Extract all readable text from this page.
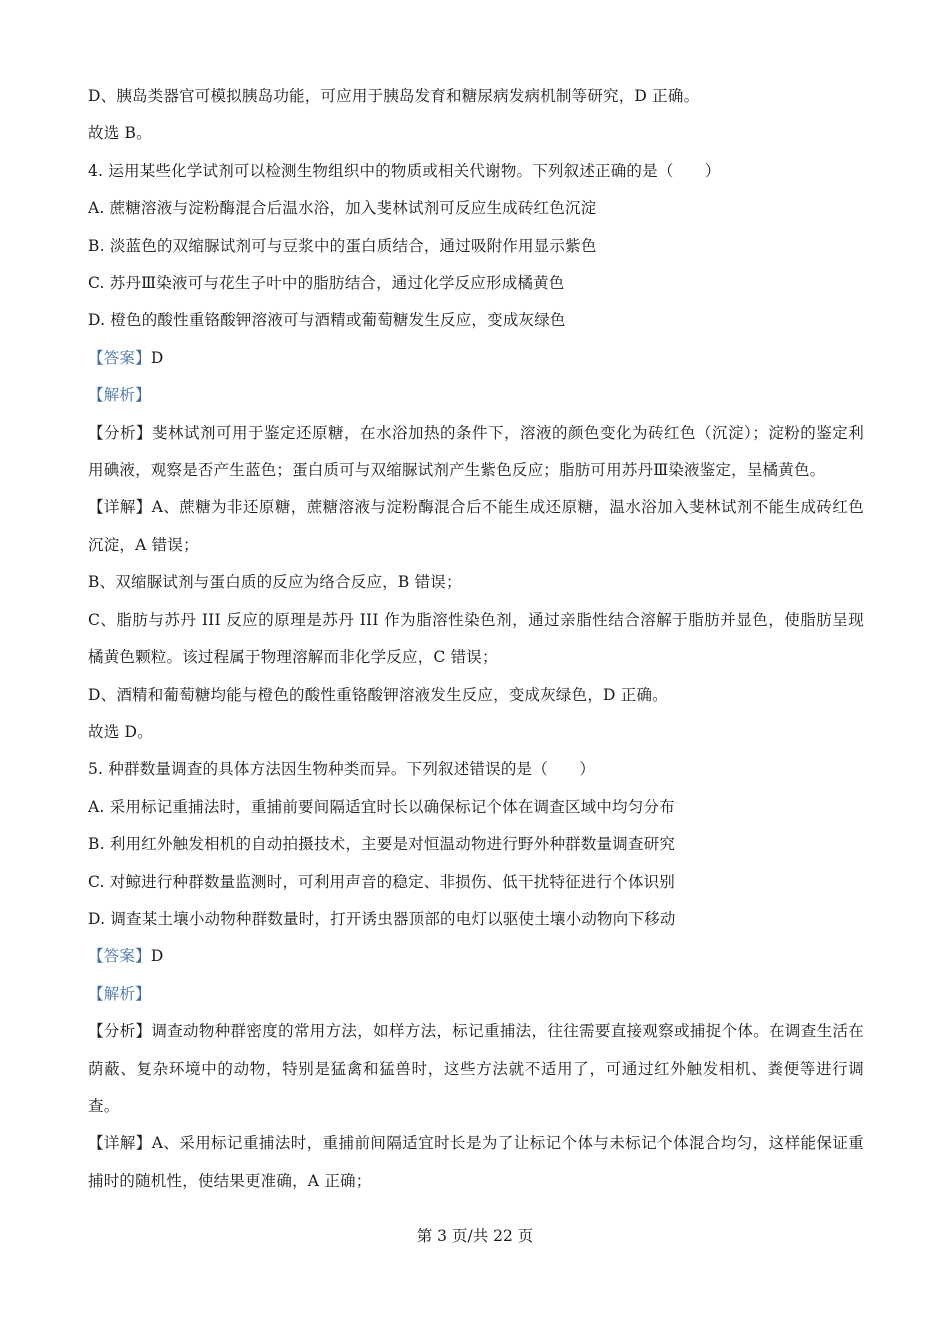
D、胰岛类器官可模拟胰岛功能，可应用于胰岛发育和糖尿病发病机制等研究，D 正确。
故选 B。
4. 运用某些化学试剂可以检测生物组织中的物质或相关代谢物。下列叙述正确的是（　　）
A. 蔗糖溶液与淀粉酶混合后温水浴，加入斐林试剂可反应生成砖红色沉淀
B. 淡蓝色的双缩脲试剂可与豆浆中的蛋白质结合，通过吸附作用显示紫色
C. 苏丹Ⅲ染液可与花生子叶中的脂肪结合，通过化学反应形成橘黄色
D. 橙色的酸性重铬酸钾溶液可与酒精或葡萄糖发生反应，变成灰绿色
【答案】D
【解析】
【分析】斐林试剂可用于鉴定还原糖，在水浴加热的条件下，溶液的颜色变化为砖红色（沉淀）；淀粉的鉴定利用碘液，观察是否产生蓝色；蛋白质可与双缩脲试剂产生紫色反应；脂肪可用苏丹Ⅲ染液鉴定，呈橘黄色。
【详解】A、蔗糖为非还原糖，蔗糖溶液与淀粉酶混合后不能生成还原糖，温水浴加入斐林试剂不能生成砖红色沉淀，A 错误；
B、双缩脲试剂与蛋白质的反应为络合反应，B 错误；
C、脂肪与苏丹 III 反应的原理是苏丹 III 作为脂溶性染色剂，通过亲脂性结合溶解于脂肪并显色，使脂肪呈现橘黄色颗粒。该过程属于物理溶解而非化学反应，C 错误；
D、酒精和葡萄糖均能与橙色的酸性重铬酸钾溶液发生反应，变成灰绿色，D 正确。
故选 D。
5. 种群数量调查的具体方法因生物种类而异。下列叙述错误的是（　　）
A. 采用标记重捕法时，重捕前要间隔适宜时长以确保标记个体在调查区域中均匀分布
B. 利用红外触发相机的自动拍摄技术，主要是对恒温动物进行野外种群数量调查研究
C. 对鲸进行种群数量监测时，可利用声音的稳定、非损伤、低干扰特征进行个体识别
D. 调查某土壤小动物种群数量时，打开诱虫器顶部的电灯以驱使土壤小动物向下移动
【答案】D
【解析】
【分析】调查动物种群密度的常用方法，如样方法，标记重捕法，往往需要直接观察或捕捉个体。在调查生活在荫蔽、复杂环境中的动物，特别是猛禽和猛兽时，这些方法就不适用了，可通过红外触发相机、粪便等进行调查。
【详解】A、采用标记重捕法时，重捕前间隔适宜时长是为了让标记个体与未标记个体混合均匀，这样能保证重捕时的随机性，使结果更准确，A 正确；
第 3 页/共 22 页
